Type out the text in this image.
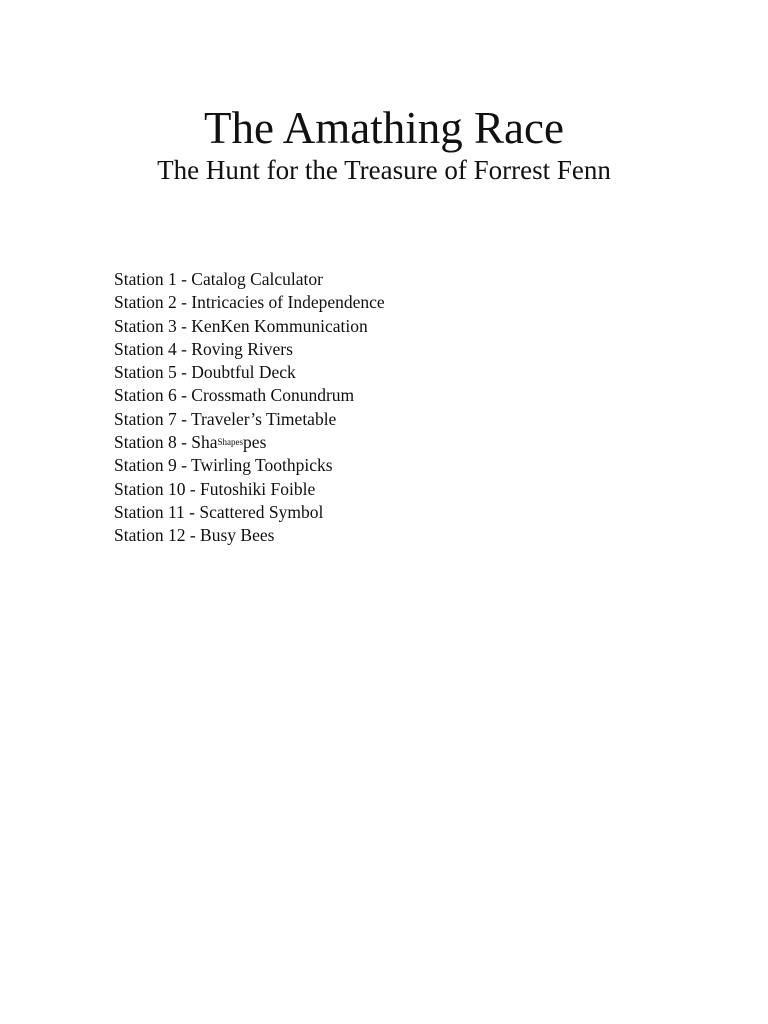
The Amathing Race
The Hunt for the Treasure of Forrest Fenn
Station 1 - Catalog Calculator
Station 2 - Intricacies of Independence
Station 3 - KenKen Kommunication
Station 4 - Roving Rivers
Station 5 - Doubtful Deck
Station 6 - Crossmath Conundrum
Station 7 - Traveler’s Timetable
Station 8 - Sha$^{Shapes}$pes
Station 9 - Twirling Toothpicks
Station 10 - Futoshiki Foible
Station 11 - Scattered Symbol
Station 12 - Busy Bees
